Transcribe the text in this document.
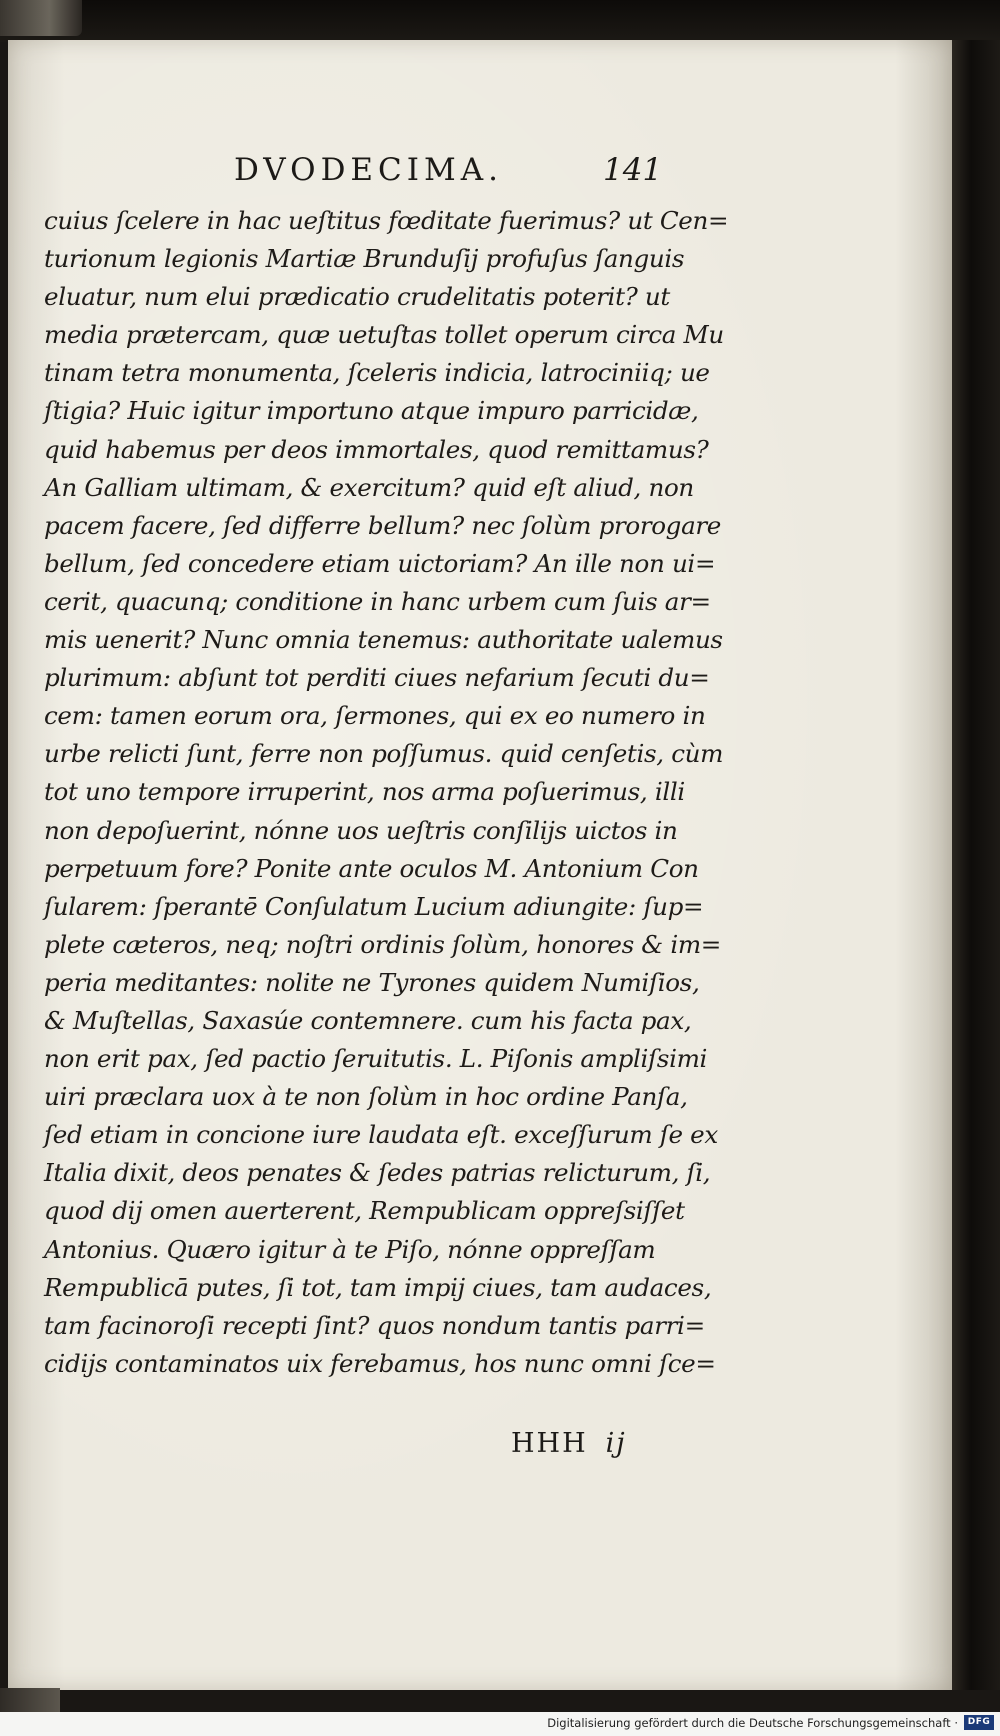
DVODECIMA.	141
cuius ſcelere in hac ueſtitus fœditate fuerimus? ut Cen=
turionum legionis Martiæ Brunduſij profuſus ſanguis
eluatur, num elui prædicatio crudelitatis poterit? ut
media prætercam, quæ uetuſtas tollet operum circa Mu
tinam tetra monumenta, ſceleris indicia, latrociniiq; ue
ſtigia? Huic igitur importuno atque impuro parricidæ,
quid habemus per deos immortales, quod remittamus?
An Galliam ultimam, & exercitum? quid eſt aliud, non
pacem facere, ſed differre bellum? nec ſolùm prorogare
bellum, ſed concedere etiam uictoriam? An ille non ui=
cerit, quacunq; conditione in hanc urbem cum ſuis ar=
mis uenerit? Nunc omnia tenemus: authoritate ualemus
plurimum: abſunt tot perditi ciues nefarium ſecuti du=
cem: tamen eorum ora, ſermones, qui ex eo numero in
urbe relicti ſunt, ferre non poſſumus. quid cenſetis, cùm
tot uno tempore irruperint, nos arma poſuerimus, illi
non depoſuerint, nónne uos ueſtris conſilijs uictos in
perpetuum fore? Ponite ante oculos M. Antonium Con
ſularem: ſperantē Conſulatum Lucium adiungite: ſup=
plete cæteros, neq; noſtri ordinis ſolùm, honores & im=
peria meditantes: nolite ne Tyrones quidem Numiſios,
& Muſtellas, Saxasúe contemnere. cum his facta pax,
non erit pax, ſed pactio ſeruitutis. L. Piſonis ampliſsimi
uiri præclara uox à te non ſolùm in hoc ordine Panſa,
ſed etiam in concione iure laudata eſt. exceſſurum ſe ex
Italia dixit, deos penates & ſedes patrias relicturum, ſi,
quod dij omen auerterent, Rempublicam oppreſsiſſet
Antonius. Quæro igitur à te Piſo, nónne oppreſſam
Rempublicā putes, ſi tot, tam impij ciues, tam audaces,
tam facinoroſi recepti ſint? quos nondum tantis parri=
cidijs contaminatos uix ferebamus, hos nunc omni ſce=
HHH ij
Digitalisierung gefördert durch die Deutsche Forschungsgemeinschaft ·	DFG
